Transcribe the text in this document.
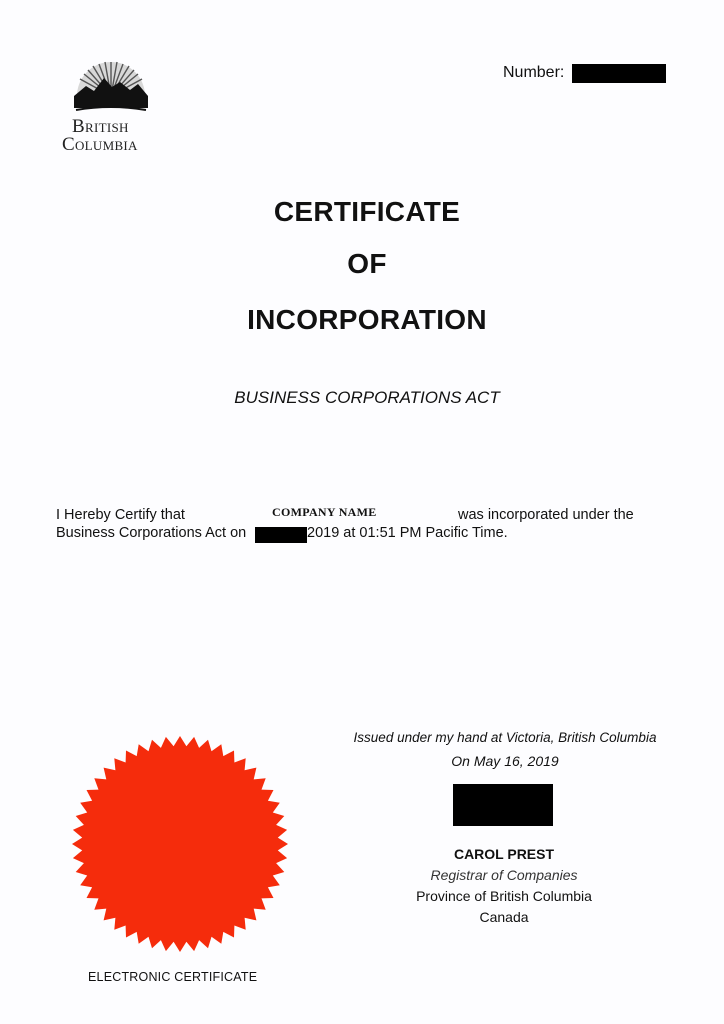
British
Columbia
Number:
CERTIFICATE
OF
INCORPORATION
BUSINESS CORPORATIONS ACT
I Hereby Certify that	COMPANY NAME	was incorporated under the
Business Corporations Act on	2019 at 01:51 PM Pacific Time.
ELECTRONIC CERTIFICATE
Issued under my hand at Victoria, British Columbia
On May 16, 2019
CAROL PREST
Registrar of Companies
Province of British Columbia
Canada
